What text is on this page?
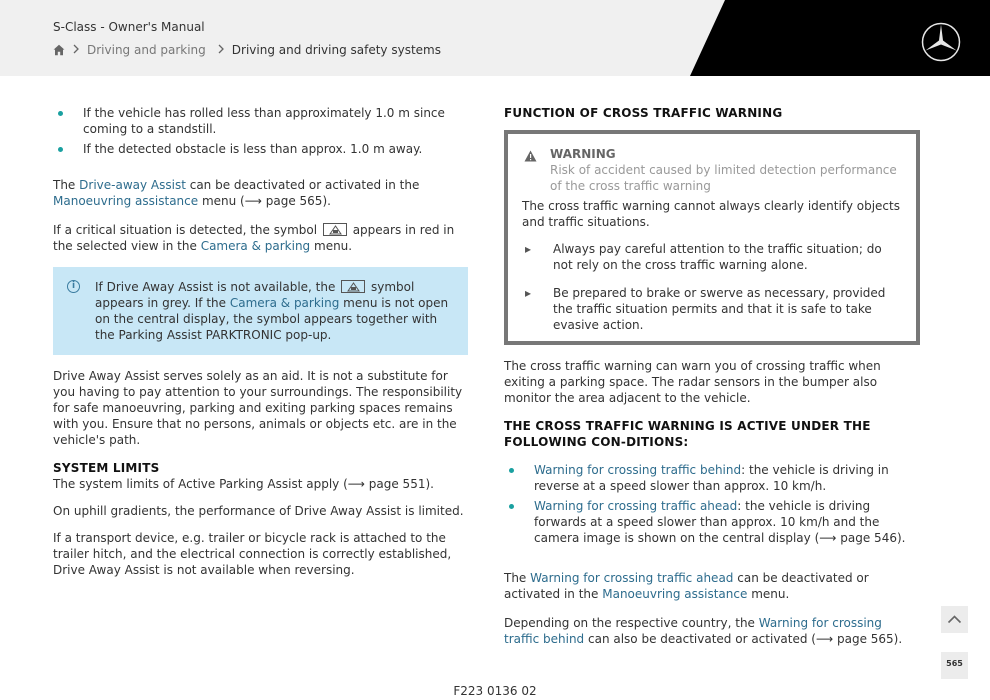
S-Class - Owner's Manual
Driving and parking Driving and driving safety systems
If the vehicle has rolled less than approximately 1.0 m since coming to a standstill.
If the detected obstacle is less than approx. 1.0 m away.

The Drive-away Assist can be deactivated or activated in the Manoeuvring assistance menu (⟶ page 565).

If a critical situation is detected, the symbol
appears in red in the selected view in the Camera & parking menu.

i	If Drive Away Assist is not available, the
symbol appears in grey. If the Camera & parking menu is not open on the central display, the symbol appears together with the Parking Assist PARKTRONIC pop-up.

Drive Away Assist serves solely as an aid. It is not a substitute for you having to pay attention to your surroundings. The responsibility for safe manoeuvring, parking and exiting parking spaces remains with you. Ensure that no persons, animals or objects etc. are in the vehicle's path.

SYSTEM LIMITS

The system limits of Active Parking Assist apply (⟶ page 551).

On uphill gradients, the performance of Drive Away Assist is limited.

If a transport device, e.g. trailer or bicycle rack is attached to the trailer hitch, and the electrical connection is correctly established, Drive Away Assist is not available when reversing.

FUNCTION OF CROSS TRAFFIC WARNING

WARNING

Risk of accident caused by limited detection performance of the cross traffic warning

The cross traffic warning cannot always clearly identify objects and traffic situations.

▸ Always pay careful attention to the traffic situation; do not rely on the cross traffic warning alone.
▸ Be prepared to brake or swerve as necessary, provided the traffic situation permits and that it is safe to take evasive action.

The cross traffic warning can warn you of crossing traffic when exiting a parking space. The radar sensors in the bumper also monitor the area adjacent to the vehicle.

THE CROSS TRAFFIC WARNING IS ACTIVE UNDER THE FOLLOWING CON-DITIONS:

Warning for crossing traffic behind: the vehicle is driving in reverse at a speed slower than approx. 10 km/h.
Warning for crossing traffic ahead: the vehicle is driving forwards at a speed slower than approx. 10 km/h and the camera image is shown on the central display (⟶ page 546).

The Warning for crossing traffic ahead can be deactivated or activated in the Manoeuvring assistance menu.

Depending on the respective country, the Warning for crossing traffic behind can also be deactivated or activated (⟶ page 565).

565
F223 0136 02
